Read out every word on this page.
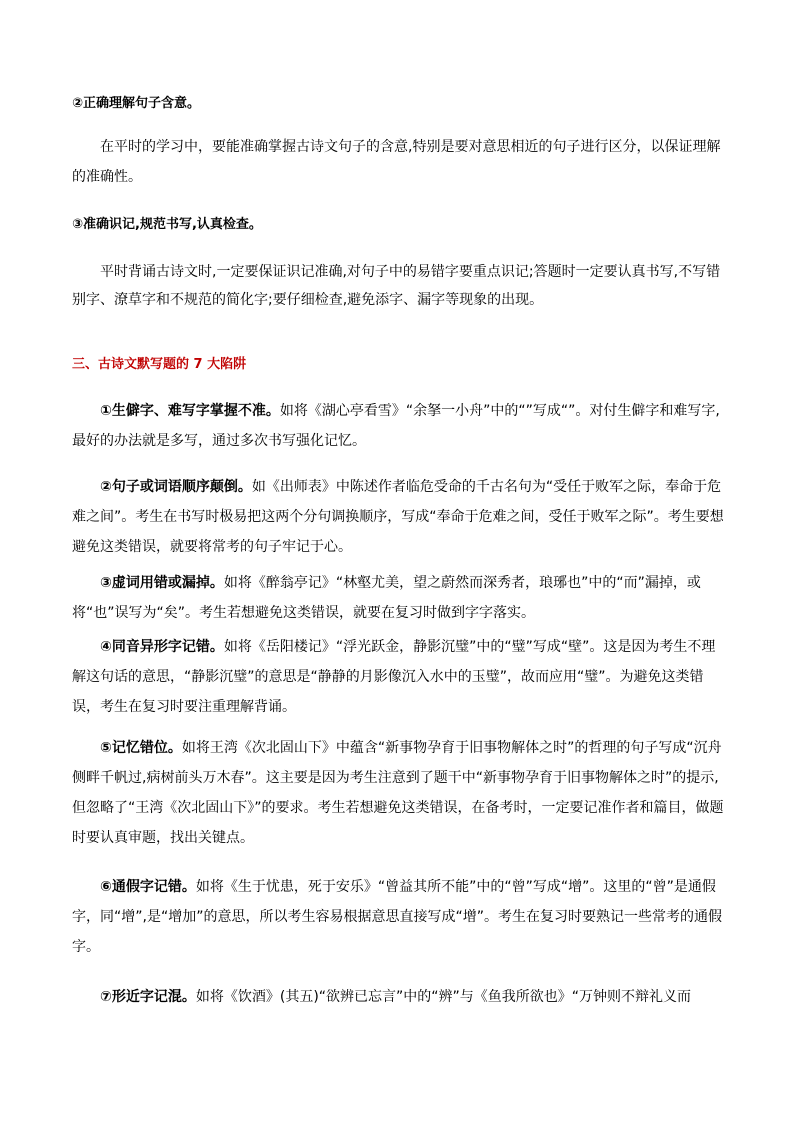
②正确理解句子含意。
在平时的学习中，要能准确掌握古诗文句子的含意,特别是要对意思相近的句子进行区分，以保证理解的准确性。
③准确识记,规范书写,认真检查。
平时背诵古诗文时,一定要保证识记准确,对句子中的易错字要重点识记;答题时一定要认真书写,不写错别字、潦草字和不规范的简化字;要仔细检查,避免添字、漏字等现象的出现。
三、古诗文默写题的 7 大陷阱
①生僻字、难写字掌握不准。如将《湖心亭看雪》“余拏一小舟”中的“”写成“”。对付生僻字和难写字,最好的办法就是多写，通过多次书写强化记忆。
②句子或词语顺序颠倒。如《出师表》中陈述作者临危受命的千古名句为“受任于败军之际，奉命于危难之间”。考生在书写时极易把这两个分句调换顺序，写成“奉命于危难之间，受任于败军之际”。考生要想避免这类错误，就要将常考的句子牢记于心。
③虚词用错或漏掉。如将《醉翁亭记》“林壑尤美，望之蔚然而深秀者，琅琊也”中的“而”漏掉，或将“也”误写为“矣”。考生若想避免这类错误，就要在复习时做到字字落实。
④同音异形字记错。如将《岳阳楼记》“浮光跃金，静影沉璧”中的“璧”写成“壁”。这是因为考生不理解这句话的意思，“静影沉璧”的意思是“静静的月影像沉入水中的玉璧”，故而应用“璧”。为避免这类错误，考生在复习时要注重理解背诵。
⑤记忆错位。如将王湾《次北固山下》中蕴含“新事物孕育于旧事物解体之时”的哲理的句子写成“沉舟侧畔千帆过,病树前头万木春”。这主要是因为考生注意到了题干中“新事物孕育于旧事物解体之时”的提示,但忽略了“王湾《次北固山下》”的要求。考生若想避免这类错误，在备考时，一定要记准作者和篇目，做题时要认真审题，找出关键点。
⑥通假字记错。如将《生于忧患，死于安乐》“曾益其所不能”中的“曾”写成“增”。这里的“曾”是通假字，同“增”,是“增加”的意思，所以考生容易根据意思直接写成“增”。考生在复习时要熟记一些常考的通假字。
⑦形近字记混。如将《饮酒》(其五)“欲辨已忘言”中的“辨”与《鱼我所欲也》“万钟则不辩礼义而
